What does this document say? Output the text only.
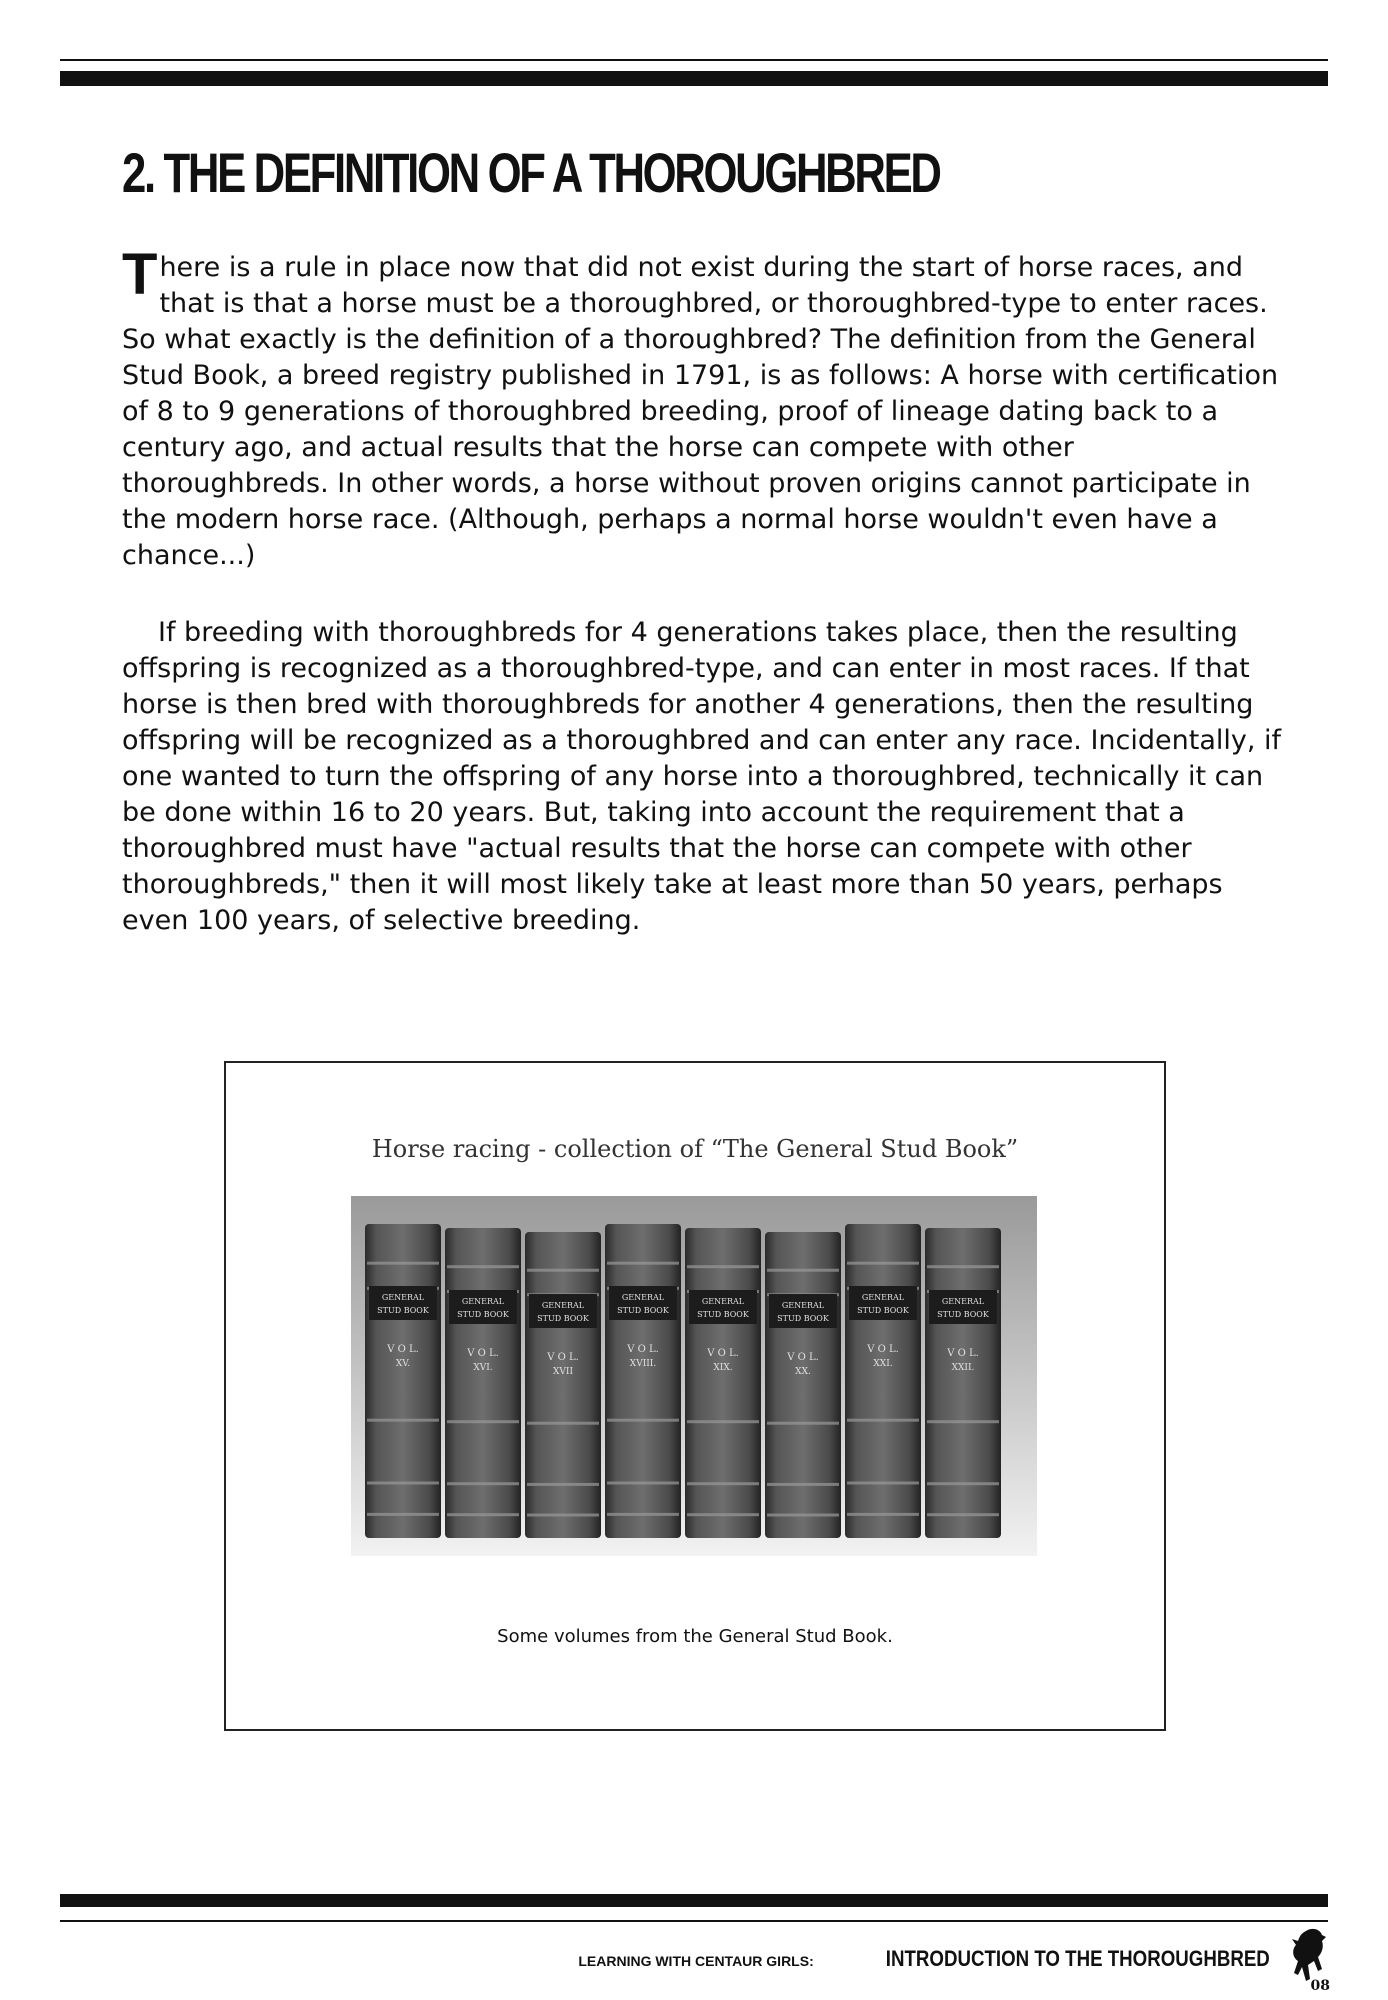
2. THE DEFINITION OF A THOROUGHBRED
There is a rule in place now that did not exist during the start of horse races, and that is that a horse must be a thoroughbred, or thoroughbred-type to enter races. So what exactly is the definition of a thoroughbred? The definition from the General Stud Book, a breed registry published in 1791, is as follows: A horse with certification of 8 to 9 generations of thoroughbred breeding, proof of lineage dating back to a century ago, and actual results that the horse can compete with other thoroughbreds. In other words, a horse without proven origins cannot participate in the modern horse race. (Although, perhaps a normal horse wouldn't even have a chance...)
If breeding with thoroughbreds for 4 generations takes place, then the resulting offspring is recognized as a thoroughbred-type, and can enter in most races. If that horse is then bred with thoroughbreds for another 4 generations, then the resulting offspring will be recognized as a thoroughbred and can enter any race. Incidentally, if one wanted to turn the offspring of any horse into a thoroughbred, technically it can be done within 16 to 20 years. But, taking into account the requirement that a thoroughbred must have "actual results that the horse can compete with other thoroughbreds," then it will most likely take at least more than 50 years, perhaps even 100 years, of selective breeding.
Horse racing - collection of “The General Stud Book”
GENERAL
STUD BOOK
V O L.
XV.
GENERAL
STUD BOOK
V O L.
XVI.
GENERAL
STUD BOOK
V O L.
XVII
GENERAL
STUD BOOK
V O L.
XVIII.
GENERAL
STUD BOOK
V O L.
XIX.
GENERAL
STUD BOOK
V O L.
XX.
GENERAL
STUD BOOK
V O L.
XXI.
GENERAL
STUD BOOK
V O L.
XXII.
Some volumes from the General Stud Book.
LEARNING WITH CENTAUR GIRLS:	INTRODUCTION TO THE THOROUGHBRED
08
